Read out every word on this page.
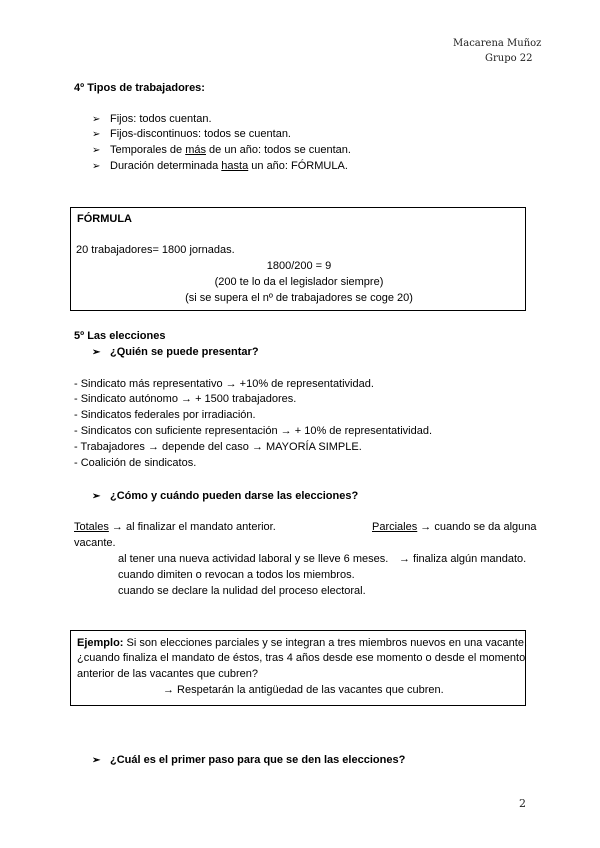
Macarena Muñoz
Grupo 22
4º Tipos de trabajadores:
➢ Fijos: todos cuentan.
➢ Fijos-discontinuos: todos se cuentan.
➢ Temporales de más de un año: todos se cuentan.
➢ Duración determinada hasta un año: FÓRMULA.
FÓRMULA
20 trabajadores= 1800 jornadas.
1800/200 = 9
(200 te lo da el legislador siempre)
(si se supera el nº de trabajadores se coge 20)
5º Las elecciones
➢ ¿Quién se puede presentar?
- Sindicato más representativo → +10% de representatividad.
- Sindicato autónomo → + 1500 trabajadores.
- Sindicatos federales por irradiación.
- Sindicatos con suficiente representación → + 10% de representatividad.
- Trabajadores → depende del caso → MAYORÍA SIMPLE.
- Coalición de sindicatos.
➢ ¿Cómo y cuándo pueden darse las elecciones?
Totales → al finalizar el mandato anterior.	Parciales → cuando se da alguna
vacante.
al tener una nueva actividad laboral y se lleve 6 meses. → finaliza algún mandato.
cuando dimiten o revocan a todos los miembros.
cuando se declare la nulidad del proceso electoral.
Ejemplo: Si son elecciones parciales y se integran a tres miembros nuevos en una vacante,
¿cuando finaliza el mandato de éstos, tras 4 años desde ese momento o desde el momento
anterior de las vacantes que cubren?
→ Respetarán la antigüedad de las vacantes que cubren.
➢ ¿Cuál es el primer paso para que se den las elecciones?
2
